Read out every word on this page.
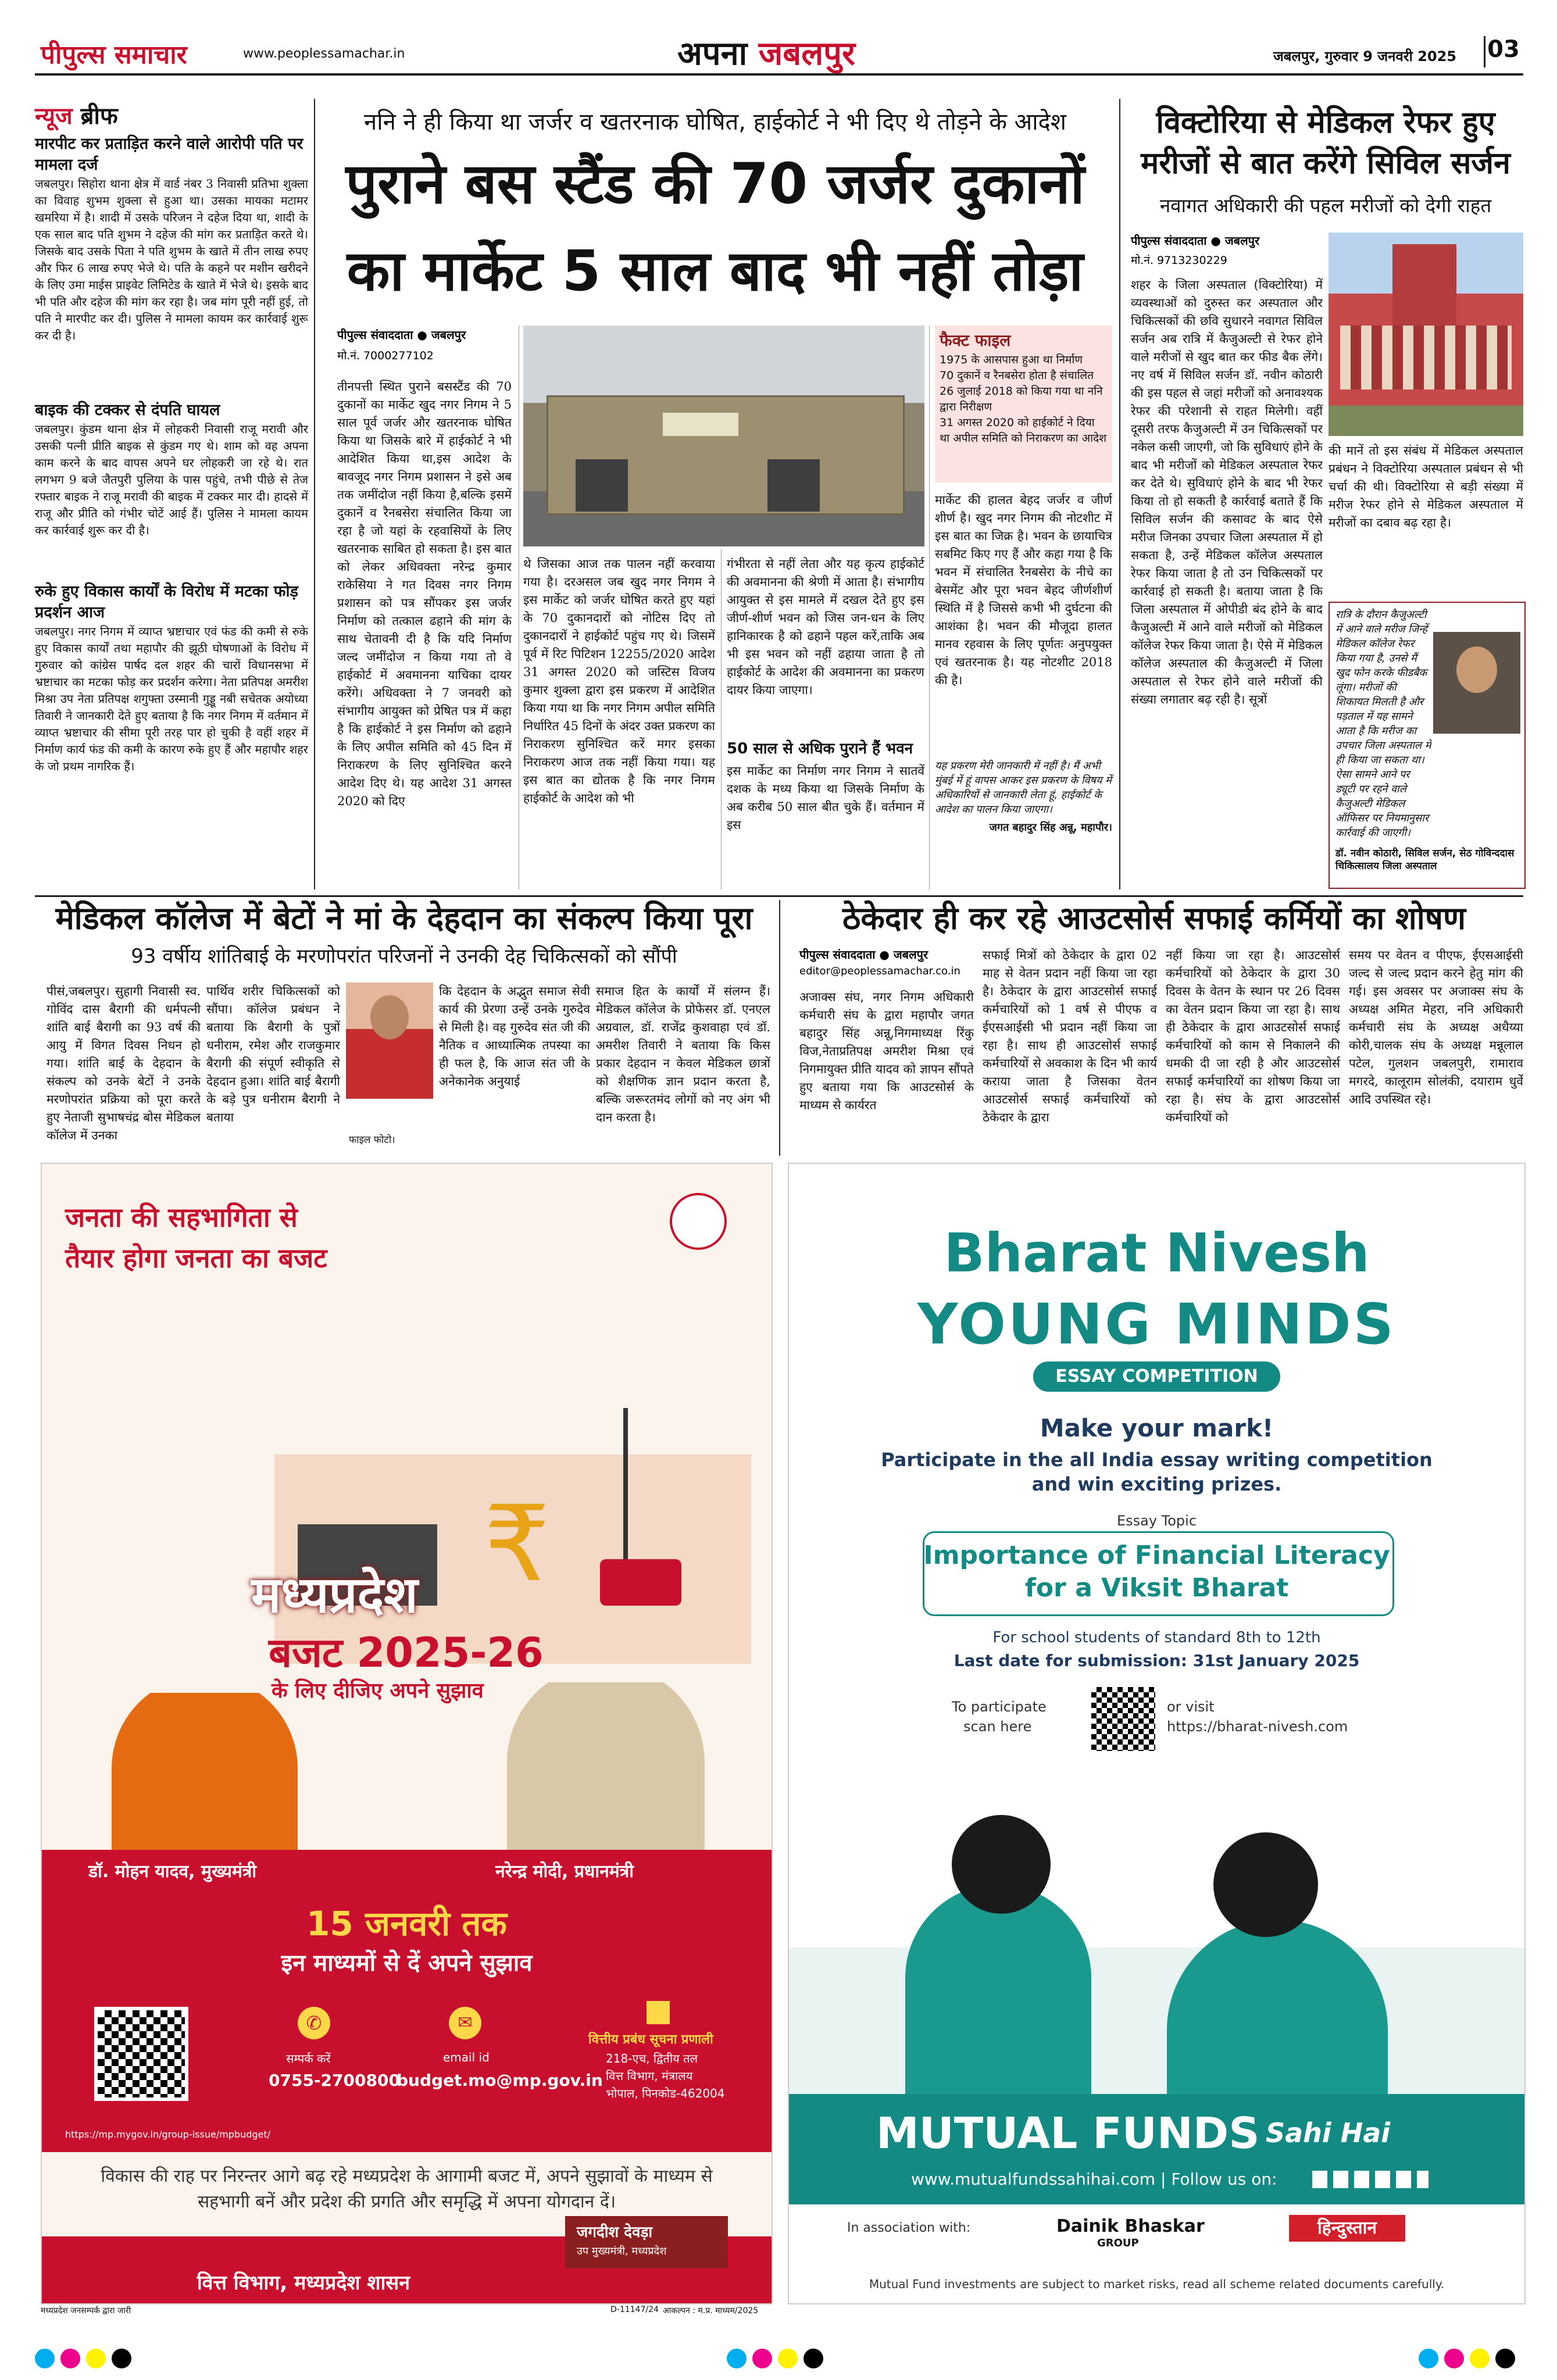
पीपुल्स समाचार	www.peoplessamachar.in	अपना जबलपुर	जबलपुर, गुरुवार 9 जनवरी 2025 03
न्यूज ब्रीफ
मारपीट कर प्रताड़ित करने वाले आरोपी पति पर मामला दर्ज
जबलपुर। सिहोरा थाना क्षेत्र में वार्ड नंबर 3 निवासी प्रतिभा शुक्ला का विवाह शुभम शुक्ला से हुआ था। उसका मायका मटामर खमरिया में है। शादी में उसके परिजन ने दहेज दिया था, शादी के एक साल बाद पति शुभम ने दहेज की मांग कर प्रताड़ित करते थे। जिसके बाद उसके पिता ने पति शुभम के खाते में तीन लाख रुपए और फिर 6 लाख रुपए भेजे थे। पति के कहने पर मशीन खरीदने के लिए उमा माईस प्राइवेट लिमिटेड के खाते में भेजे थे। इसके बाद भी पति और दहेज की मांग कर रहा है। जब मांग पूरी नहीं हुई, तो पति ने मारपीट कर दी। पुलिस ने मामला कायम कर कार्रवाई शुरू कर दी है।
बाइक की टक्कर से दंपति घायल
जबलपुर। कुंडम थाना क्षेत्र में लोहकरी निवासी राजू मरावी और उसकी पत्नी प्रीति बाइक से कुंडम गए थे। शाम को वह अपना काम करने के बाद वापस अपने घर लोहकरी जा रहे थे। रात लगभग 9 बजे जैतपुरी पुलिया के पास पहुंचे, तभी पीछे से तेज रफ्तार बाइक ने राजू मरावी की बाइक में टक्कर मार दी। हादसे में राजू और प्रीति को गंभीर चोटें आई हैं। पुलिस ने मामला कायम कर कार्रवाई शुरू कर दी है।
रुके हुए विकास कार्यों के विरोध में मटका फोड़ प्रदर्शन आज
जबलपुर। नगर निगम में व्याप्त भ्रष्टाचार एवं फंड की कमी से रुके हुए विकास कार्यों तथा महापौर की झूठी घोषणाओं के विरोध में गुरुवार को कांग्रेस पार्षद दल शहर की चारों विधानसभा में भ्रष्टाचार का मटका फोड़ कर प्रदर्शन करेगा। नेता प्रतिपक्ष अमरीश मिश्रा उप नेता प्रतिपक्ष शगुफ्ता उस्मानी गुड्डू नबी सचेतक अयोध्या तिवारी ने जानकारी देते हुए बताया है कि नगर निगम में वर्तमान में व्याप्त भ्रष्टाचार की सीमा पूरी तरह पार हो चुकी है वहीं शहर में निर्माण कार्य फंड की कमी के कारण रुके हुए हैं और महापौर शहर के जो प्रथम नागरिक हैं।
ननि ने ही किया था जर्जर व खतरनाक घोषित, हाईकोर्ट ने भी दिए थे तोड़ने के आदेश
पुराने बस स्टैंड की 70 जर्जर दुकानों
का मार्केट 5 साल बाद भी नहीं तोड़ा
पीपुल्स संवाददाता ● जबलपुर
मो.नं. 7000277102
तीनपत्ती स्थित पुराने बसस्टैंड की 70 दुकानों का मार्केट खुद नगर निगम ने 5 साल पूर्व जर्जर और खतरनाक घोषित किया था जिसके बारे में हाईकोर्ट ने भी आदेशित किया था,इस आदेश के बावजूद नगर निगम प्रशासन ने इसे अब तक जमींदोज नहीं किया है,बल्कि इसमें दुकानें व रैनबसेरा संचालित किया जा रहा है जो यहां के रहवासियों के लिए खतरनाक साबित हो सकता है। इस बात को लेकर अधिवक्ता नरेन्द्र कुमार राकेसिया ने गत दिवस नगर निगम प्रशासन को पत्र सौंपकर इस जर्जर निर्माण को तत्काल ढहाने की मांग के साथ चेतावनी दी है कि यदि निर्माण जल्द जमींदोज न किया गया तो वे हाईकोर्ट में अवमानना याचिका दायर करेंगे। अधिवक्ता ने 7 जनवरी को संभागीय आयुक्त को प्रेषित पत्र में कहा है कि हाईकोर्ट ने इस निर्माण को ढहाने के लिए अपील समिति को 45 दिन में निराकरण के लिए सुनिश्चित करने आदेश दिए थे। यह आदेश 31 अगस्त 2020 को दिए
थे जिसका आज तक पालन नहीं करवाया गया है। दरअसल जब खुद नगर निगम ने इस मार्केट को जर्जर घोषित करते हुए यहां के 70 दुकानदारों को नोटिस दिए तो दुकानदारों ने हाईकोर्ट पहुंच गए थे। जिसमें पूर्व में रिट पिटिशन 12255/2020 आदेश 31 अगस्त 2020 को जस्टिस विजय कुमार शुक्ला द्वारा इस प्रकरण में आदेशित किया गया था कि नगर निगम अपील समिति निर्धारित 45 दिनों के अंदर उक्त प्रकरण का निराकरण सुनिश्चित करें मगर इसका निराकरण आज तक नहीं किया गया। यह इस बात का द्योतक है कि नगर निगम हाईकोर्ट के आदेश को भी
गंभीरता से नहीं लेता और यह कृत्य हाईकोर्ट की अवमानना की श्रेणी में आता है। संभागीय आयुक्त से इस मामले में दखल देते हुए इस जीर्ण-शीर्ण भवन को जिस जन-धन के लिए हानिकारक है को ढहाने पहल करें,ताकि अब भी इस भवन को नहीं ढहाया जाता है तो हाईकोर्ट के आदेश की अवमानना का प्रकरण दायर किया जाएगा।
50 साल से अधिक पुराने हैं भवन
इस मार्केट का निर्माण नगर निगम ने सातवें दशक के मध्य किया था जिसके निर्माण के अब करीब 50 साल बीत चुके हैं। वर्तमान में इस
फैक्ट फाइल
1975 के आसपास हुआ था निर्माण
70 दुकानें व रैनबसेरा होता है संचालित
26 जुलाई 2018 को किया गया था ननि द्वारा निरीक्षण
31 अगस्त 2020 को हाईकोर्ट ने दिया था अपील समिति को निराकरण का आदेश
मार्केट की हालत बेहद जर्जर व जीर्ण शीर्ण है। खुद नगर निगम की नोटशीट में इस बात का जिक्र है। भवन के छायाचित्र सबमिट किए गए हैं और कहा गया है कि भवन में संचालित रैनबसेरा के नीचे का बेसमेंट और पूरा भवन बेहद जीर्णशीर्ण स्थिति में है जिससे कभी भी दुर्घटना की आशंका है। भवन की मौजूदा हालत मानव रहवास के लिए पूर्णतः अनुपयुक्त एवं खतरनाक है। यह नोटशीट 2018 की है।
यह प्रकरण मेरी जानकारी में नहीं है। मैं अभी मुंबई में हूं वापस आकर इस प्रकरण के विषय में अधिकारियों से जानकारी लेता हूं, हाईकोर्ट के आदेश का पालन किया जाएगा।
जगत बहादुर सिंह अन्नू, महापौर।
विक्टोरिया से मेडिकल रेफर हुए
मरीजों से बात करेंगे सिविल सर्जन
नवागत अधिकारी की पहल मरीजों को देगी राहत
पीपुल्स संवाददाता ● जबलपुर
मो.नं. 9713230229
शहर के जिला अस्पताल (विक्टोरिया) में व्यवस्थाओं को दुरुस्त कर अस्पताल और चिकित्सकों की छवि सुधारने नवागत सिविल सर्जन अब रात्रि में कैजुअल्टी से रेफर होने वाले मरीजों से खुद बात कर फीड बैक लेंगे। नए वर्ष में सिविल सर्जन डॉ. नवीन कोठारी की इस पहल से जहां मरीजों को अनावश्यक रेफर की परेशानी से राहत मिलेगी। वहीं दूसरी तरफ कैजुअल्टी में उन चिकित्सकों पर नकेल कसी जाएगी, जो कि सुविधाएं होने के बाद भी मरीजों को मेडिकल अस्पताल रेफर कर देते थे। सुविधाएं होने के बाद भी रेफर किया तो हो सकती है कार्रवाई बताते हैं कि सिविल सर्जन की कसावट के बाद ऐसे मरीज जिनका उपचार जिला अस्पताल में हो सकता है, उन्हें मेडिकल कॉलेज अस्पताल रेफर किया जाता है तो उन चिकित्सकों पर कार्रवाई हो सकती है। बताया जाता है कि जिला अस्पताल में ओपीडी बंद होने के बाद कैजुअल्टी में आने वाले मरीजों को मेडिकल कॉलेज रेफर किया जाता है। ऐसे में मेडिकल कॉलेज अस्पताल की कैजुअल्टी में जिला अस्पताल से रेफर होने वाले मरीजों की संख्या लगातार बढ़ रही है। सूत्रों
की मानें तो इस संबंध में मेडिकल अस्पताल प्रबंधन ने विक्टोरिया अस्पताल प्रबंधन से भी चर्चा की थी। विक्टोरिया से बड़ी संख्या में मरीज रेफर होने से मेडिकल अस्पताल में मरीजों का दबाव बढ़ रहा है।
रात्रि के दौरान कैजुअल्टी में आने वाले मरीज जिन्हें मेडिकल कॉलेज रेफर किया गया है, उनसे मैं खुद फोन करके फीडबैक लूंगा। मरीजों की शिकायत मिलती है और पड़ताल में यह सामने आता है कि मरीज का उपचार जिला अस्पताल में ही किया जा सकता था। ऐसा सामने आने पर ड्यूटी पर रहने वाले कैजुअल्टी मेडिकल ऑफिसर पर नियमानुसार कार्रवाई की जाएगी।
डॉ. नवीन कोठारी, सिविल सर्जन, सेठ गोविन्ददास चिकित्सालय जिला अस्पताल
मेडिकल कॉलेज में बेटों ने मां के देहदान का संकल्प किया पूरा
93 वर्षीय शांतिबाई के मरणोपरांत परिजनों ने उनकी देह चिकित्सकों को सौंपी
पीसं,जबलपुर। सुहागी निवासी स्व. गोविंद दास बैरागी की धर्मपत्नी शांति बाई बैरागी का 93 वर्ष की आयु में विगत दिवस निधन हो गया। शांति बाई के देहदान के संकल्प को उनके बेटों ने उनके मरणोपरांत प्रक्रिया को पूरा करते हुए नेताजी सुभाषचंद्र बोस मेडिकल कॉलेज में उनका
पार्थिव शरीर चिकित्सकों को सौंपा। कॉलेज प्रबंधन ने बताया कि बैरागी के पुत्रों धनीराम, रमेश और राजकुमार बैरागी की संपूर्ण स्वीकृति से देहदान हुआ। शांति बाई बैरागी के बड़े पुत्र धनीराम बैरागी ने बताया
फाइल फोटो।
कि देहदान के अद्भुत समाज सेवी कार्य की प्रेरणा उन्हें उनके गुरुदेव से मिली है। वह गुरुदेव संत जी की नैतिक व आध्यात्मिक तपस्या का ही फल है, कि आज संत जी के अनेकानेक अनुयाई
समाज हित के कार्यों में संलग्न हैं। मेडिकल कॉलेज के प्रोफेसर डॉ. एनएल अग्रवाल, डॉ. राजेंद्र कुशवाहा एवं डॉ. अमरीश तिवारी ने बताया कि किस प्रकार देहदान न केवल मेडिकल छात्रों को शैक्षणिक ज्ञान प्रदान करता है, बल्कि जरूरतमंद लोगों को नए अंग भी दान करता है।
ठेकेदार ही कर रहे आउटसोर्स सफाई कर्मियों का शोषण
पीपुल्स संवाददाता ● जबलपुर
editor@peoplessamachar.co.in
अजाक्स संघ, नगर निगम अधिकारी कर्मचारी संघ के द्वारा महापौर जगत बहादुर सिंह अन्नू,निगमाध्यक्ष रिंकु विज,नेताप्रतिपक्ष अमरीश मिश्रा एवं निगमायुक्त प्रीति यादव को ज्ञापन सौंपते हुए बताया गया कि आउटसोर्स के माध्यम से कार्यरत
सफाई मित्रों को ठेकेदार के द्वारा 02 माह से वेतन प्रदान नहीं किया जा रहा है। ठेकेदार के द्वारा आउटसोर्स सफाई कर्मचारियों को 1 वर्ष से पीएफ व ईएसआईसी भी प्रदान नहीं किया जा रहा है। साथ ही आउटसोर्स सफाई कर्मचारियों से अवकाश के दिन भी कार्य कराया जाता है जिसका वेतन आउटसोर्स सफाई कर्मचारियों को ठेकेदार के द्वारा
नहीं किया जा रहा है। आउटसोर्स कर्मचारियों को ठेकेदार के द्वारा 30 दिवस के वेतन के स्थान पर 26 दिवस का वेतन प्रदान किया जा रहा है। साथ ही ठेकेदार के द्वारा आउटसोर्स सफाई कर्मचारियों को काम से निकालने की धमकी दी जा रही है और आउटसोर्स सफाई कर्मचारियों का शोषण किया जा रहा है। संघ के द्वारा आउटसोर्स कर्मचारियों को
समय पर वेतन व पीएफ, ईएसआईसी जल्द से जल्द प्रदान करने हेतु मांग की गई। इस अवसर पर अजाक्स संघ के अध्यक्ष अमित मेहरा, ननि अधिकारी कर्मचारी संघ के अध्यक्ष अधैय्या कोरी,चालक संघ के अध्यक्ष मन्नूलाल पटेल, गुलशन जबलपुरी, रामाराव मगरदे, कालूराम सोलंकी, दयाराम धुर्वे आदि उपस्थित रहे।
जनता की सहभागिता से
तैयार होगा जनता का बजट
₹
मध्यप्रदेश
बजट 2025-26
के लिए दीजिए अपने सुझाव
डॉ. मोहन यादव, मुख्यमंत्री	नरेन्द्र मोदी, प्रधानमंत्री
15 जनवरी तक
इन माध्यमों से दें अपने सुझाव
https://mp.mygov.in/group-issue/mpbudget/
✆
सम्पर्क करें
0755-2700800
✉
email id
budget.mo@mp.gov.in
वित्तीय प्रबंध सूचना प्रणाली
218-एच, द्वितीय तल
वित्त विभाग, मंत्रालय
भोपाल, पिनकोड-462004
विकास की राह पर निरन्तर आगे बढ़ रहे मध्यप्रदेश के आगामी बजट में, अपने सुझावों के माध्यम से सहभागी बनें और प्रदेश की प्रगति और समृद्धि में अपना योगदान दें।
जगदीश देवड़ा
उप मुख्यमंत्री, मध्यप्रदेश
वित्त विभाग, मध्यप्रदेश शासन
मध्यप्रदेश जनसम्पर्क द्वारा जारी	D-11147/24 आकल्पन : म.प्र. माध्यम/2025
Bharat Nivesh
YOUNG MINDS
ESSAY COMPETITION
Make your mark!
Participate in the all India essay writing competition
and win exciting prizes.
Essay Topic
Importance of Financial Literacy
for a Viksit Bharat
For school students of standard 8th to 12th
Last date for submission: 31st January 2025
To participate
scan here
or visit
https://bharat-nivesh.com
MUTUAL FUNDS Sahi Hai
www.mutualfundssahihai.com | Follow us on:
In association with:	Dainik Bhaskar
GROUP
हिन्दुस्तान
Mutual Fund investments are subject to market risks, read all scheme related documents carefully.
